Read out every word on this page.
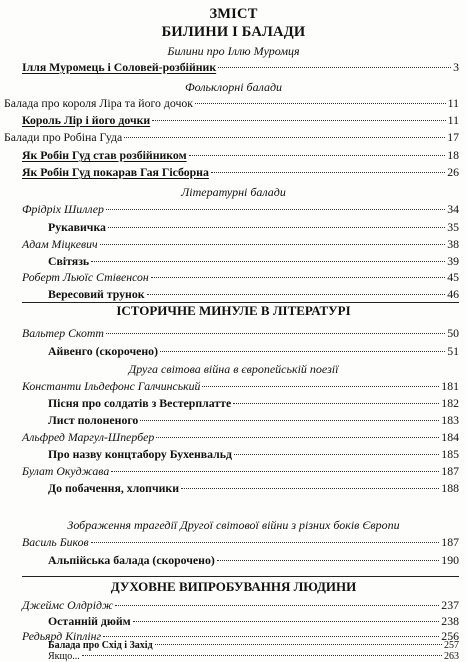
ЗМІСТ
БИЛИНИ І БАЛАДИ
Билини про Іллю Муромця
Фольклорні балади
Літературні балади
ІСТОРИЧНЕ МИНУЛЕ В ЛІТЕРАТУРІ
Друга світова війна в європейській поезії
Зображення трагедії Другої світової війни з різних боків Європи
ДУХОВНЕ ВИПРОБУВАННЯ ЛЮДИНИ
Ілля Муромець і Соловей-розбійник	3
Балада про короля Ліра та його дочок	11
Король Лір і його дочки	11
Балади про Робіна Гуда	17
Як Робін Гуд став розбійником	18
Як Робін Гуд покарав Гая Гісборна	26
Фрідріх Шиллер	34
Рукавичка	35
Адам Міцкевич	38
Світязь	39
Роберт Льюїс Стівенсон	45
Вересовий трунок	46
Вальтер Скотт	50
Айвенго (скорочено)	51
Константи Ільдефонс Галчинський	181
Пісня про солдатів з Вестерплатте	182
Лист полоненого	183
Альфред Маргул-Шпербер	184
Про назву концтабору Бухенвальд	185
Булат Окуджава	187
До побачення, хлопчики	188
Василь Биков	187
Альпійська балада (скорочено)	190
Джеймс Олдрідж	237
Останній дюйм	238
Редьярд Кіплінг	256
Балада про Схід і Захід	257
Якщо...	263
